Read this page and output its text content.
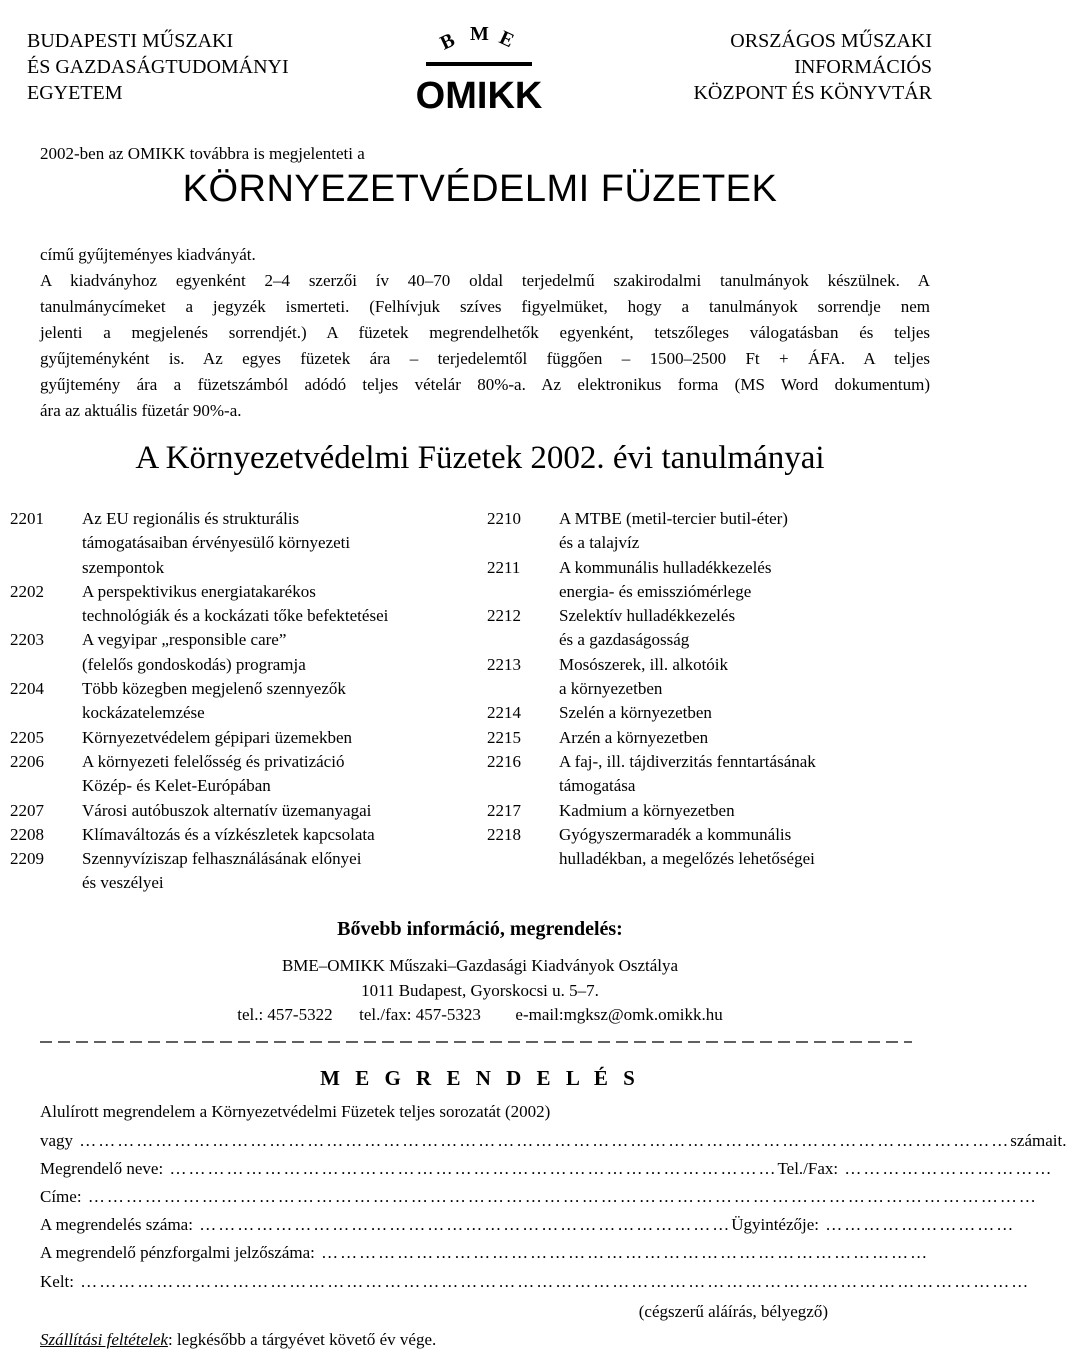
BUDAPESTI MŰSZAKI
ÉS GAZDASÁGTUDOMÁNYI
EGYETEM
B M E
OMIKK
ORSZÁGOS MŰSZAKI
INFORMÁCIÓS
KÖZPONT ÉS KÖNYVTÁR
2002-ben az OMIKK továbbra is megjelenteti a
KÖRNYEZETVÉDELMI FÜZETEK
című gyűjteményes kiadványát.
A kiadványhoz egyenként 2–4 szerzői ív 40–70 oldal terjedelmű szakirodalmi tanulmányok készülnek. A
tanulmánycímeket a jegyzék ismerteti. (Felhívjuk szíves figyelmüket, hogy a tanulmányok sorrendje nem
jelenti a megjelenés sorrendjét.) A füzetek megrendelhetők egyenként, tetszőleges válogatásban és teljes
gyűjteményként is. Az egyes füzetek ára – terjedelemtől függően – 1500–2500 Ft + ÁFA. A teljes
gyűjtemény ára a füzetszámból adódó teljes vételár 80%-a. Az elektronikus forma (MS Word dokumentum)
ára az aktuális füzetár 90%-a.
A Környezetvédelmi Füzetek 2002. évi tanulmányai
2201	Az EU regionális és strukturális
támogatásaiban érvényesülő környezeti
szempontok
2202	A perspektivikus energiatakarékos
technológiák és a kockázati tőke befektetései
2203	A vegyipar „responsible care”
(felelős gondoskodás) programja
2204	Több közegben megjelenő szennyezők
kockázatelemzése
2205	Környezetvédelem gépipari üzemekben
2206	A környezeti felelősség és privatizáció
Közép- és Kelet-Európában
2207	Városi autóbuszok alternatív üzemanyagai
2208	Klímaváltozás és a vízkészletek kapcsolata
2209	Szennyvíziszap felhasználásának előnyei
és veszélyei
2210	A MTBE (metil-tercier butil-éter)
és a talajvíz
2211	A kommunális hulladékkezelés
energia- és emissziómérlege
2212	Szelektív hulladékkezelés
és a gazdaságosság
2213	Mosószerek, ill. alkotóik
a környezetben
2214	Szelén a környezetben
2215	Arzén a környezetben
2216	A faj-, ill. tájdiverzitás fenntartásának
támogatása
2217	Kadmium a környezetben
2218	Gyógyszermaradék a kommunális
hulladékban, a megelőzés lehetőségei
Bővebb információ, megrendelés:
BME–OMIKK Műszaki–Gazdasági Kiadványok Osztálya
1011 Budapest, Gyorskocsi u. 5–7.
tel.: 457-5322 tel./fax: 457-5323 e-mail:mgksz@omk.omikk.hu
M E G R E N D E L É S
Alulírott megrendelem a Környezetvédelmi Füzetek teljes sorozatát (2002)
vagy ………………………………………………………………………………………………………………………………… számait.
Megrendelő neve: …………………………………………………………………………………… Tel./Fax: ……………………………
Címe: ……………………………………………………………………………………………………………………………………
A megrendelés száma: ………………………………………………………………………… Ügyintézője: …………………………
A megrendelő pénzforgalmi jelzőszáma: ……………………………………………………………………………………
Kelt: ……………………………………………………………………………………………………………………………………
(cégszerű aláírás, bélyegző)
Szállítási feltételek: legkésőbb a tárgyévet követő év vége.
